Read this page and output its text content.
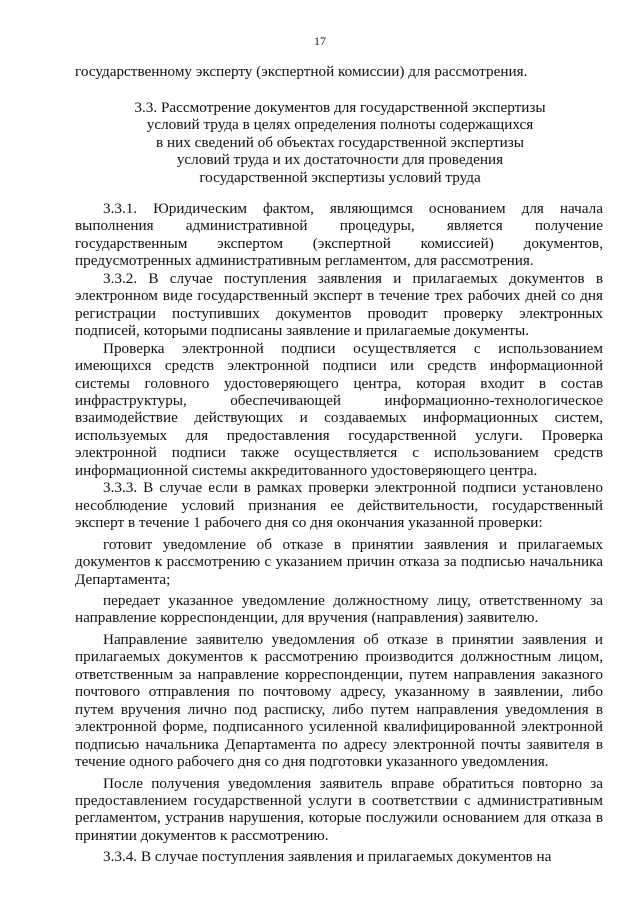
17
государственному эксперту (экспертной комиссии) для рассмотрения.
3.3. Рассмотрение документов для государственной экспертизы
условий труда в целях определения полноты содержащихся
в них сведений об объектах государственной экспертизы
условий труда и их достаточности для проведения
государственной экспертизы условий труда

3.3.1. Юридическим фактом, являющимся основанием для начала выполнения административной процедуры, является получение государственным экспертом (экспертной комиссией) документов, предусмотренных административным регламентом, для рассмотрения.

3.3.2. В случае поступления заявления и прилагаемых документов в электронном виде государственный эксперт в течение трех рабочих дней со дня регистрации поступивших документов проводит проверку электронных подписей, которыми подписаны заявление и прилагаемые документы.

Проверка электронной подписи осуществляется с использованием имеющихся средств электронной подписи или средств информационной системы головного удостоверяющего центра, которая входит в состав инфраструктуры, обеспечивающей информационно-технологическое взаимодействие действующих и создаваемых информационных систем, используемых для предоставления государственной услуги. Проверка электронной подписи также осуществляется с использованием средств информационной системы аккредитованного удостоверяющего центра.

3.3.3. В случае если в рамках проверки электронной подписи установлено несоблюдение условий признания ее действительности, государственный эксперт в течение 1 рабочего дня со дня окончания указанной проверки:

готовит уведомление об отказе в принятии заявления и прилагаемых документов к рассмотрению с указанием причин отказа за подписью начальника Департамента;

передает указанное уведомление должностному лицу, ответственному за направление корреспонденции, для вручения (направления) заявителю.

Направление заявителю уведомления об отказе в принятии заявления и прилагаемых документов к рассмотрению производится должностным лицом, ответственным за направление корреспонденции, путем направления заказного почтового отправления по почтовому адресу, указанному в заявлении, либо путем вручения лично под расписку, либо путем направления уведомления в электронной форме, подписанного усиленной квалифицированной электронной подписью начальника Департамента по адресу электронной почты заявителя в течение одного рабочего дня со дня подготовки указанного уведомления.

После получения уведомления заявитель вправе обратиться повторно за предоставлением государственной услуги в соответствии с административным регламентом, устранив нарушения, которые послужили основанием для отказа в принятии документов к рассмотрению.

3.3.4. В случае поступления заявления и прилагаемых документов на
